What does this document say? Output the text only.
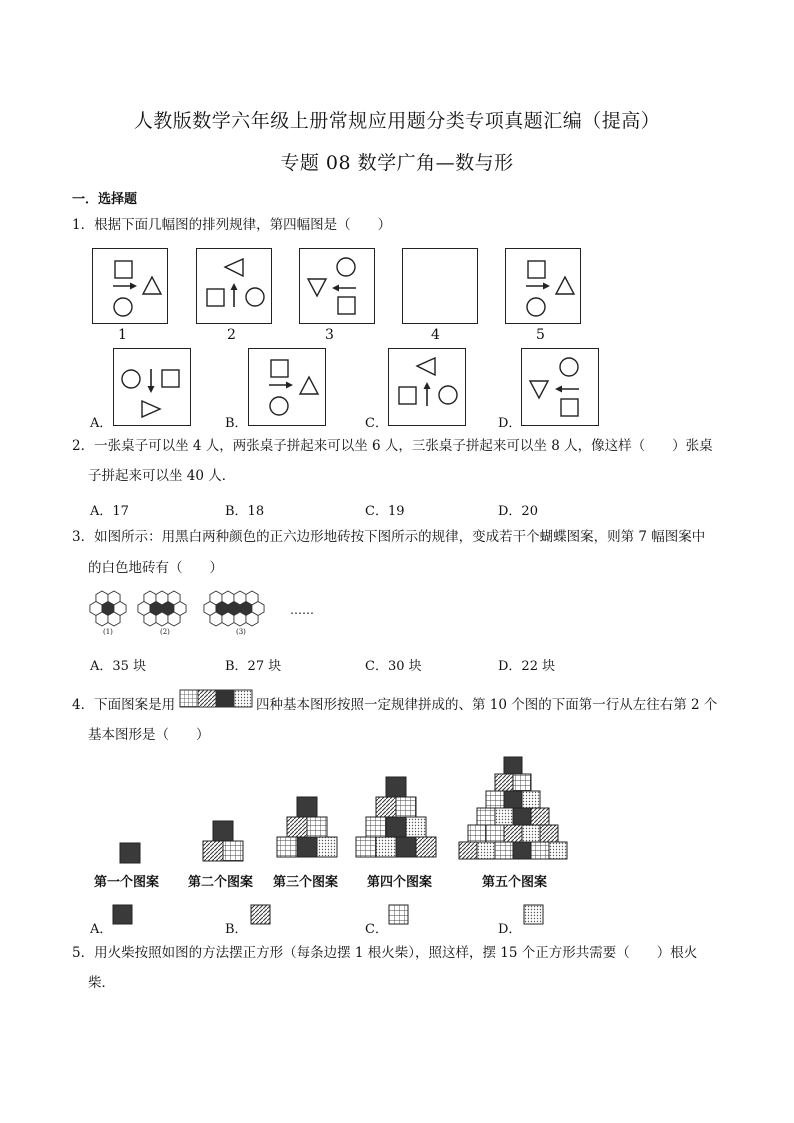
人教版数学六年级上册常规应用题分类专项真题汇编（提高）
专题 08 数学广角—数与形
一．选择题
1．根据下面几幅图的排列规律，第四幅图是（　　）
1	2	3	4	5
A．	B．	C．	D．
2．一张桌子可以坐 4 人，两张桌子拼起来可以坐 6 人，三张桌子拼起来可以坐 8 人，像这样（　　）张桌
子拼起来可以坐 40 人．
A．17	B．18	C．19	D．20
3．如图所示：用黑白两种颜色的正六边形地砖按下图所示的规律，变成若干个蝴蝶图案，则第 7 幅图案中
的白色地砖有（　　）
(1)	(2)	(3)
……
A．35 块	B．27 块	C．30 块	D．22 块
4．下面图案是用	四种基本图形按照一定规律拼成的、第 10 个图的下面第一行从左往右第 2 个
基本图形是（　　）
第一个图案 第二个图案 第三个图案 第四个图案	第五个图案
A．	B．	C．	D．
5．用火柴按照如图的方法摆正方形（每条边摆 1 根火柴），照这样，摆 15 个正方形共需要（　　）根火
柴．
